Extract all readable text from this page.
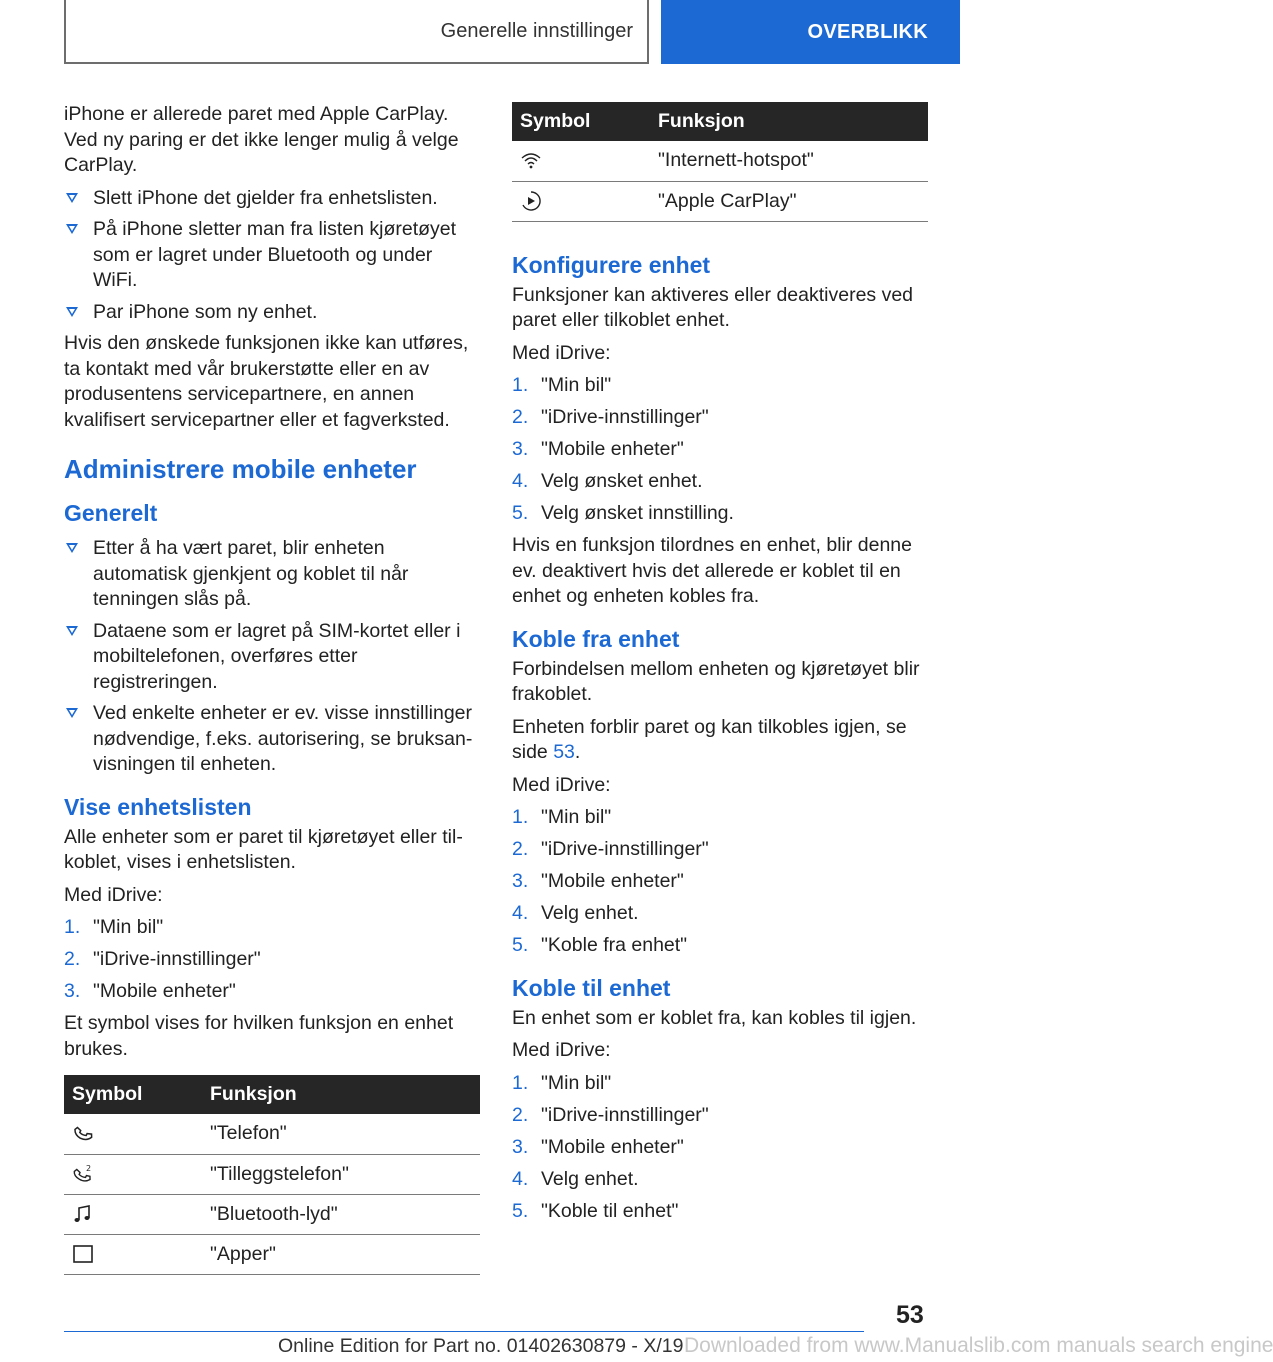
Generelle innstillinger	OVERBLIKK

iPhone er allerede paret med Apple CarPlay. Ved ny paring er det ikke lenger mulig å velge CarPlay.

Slett iPhone det gjelder fra enhetslisten.
På iPhone sletter man fra listen kjøretøyet som er lagret under Bluetooth og under WiFi.
Par iPhone som ny enhet.

Hvis den ønskede funksjonen ikke kan utføres, ta kontakt med vår brukerstøtte eller en av produsentens servicepartnere, en annen kvalifisert servicepartner eller et fagverksted.

Administrere mobile enheter
Generelt
Etter å ha vært paret, blir enheten automatisk gjenkjent og koblet til når tenningen slås på.
Dataene som er lagret på SIM-kortet eller i mobiltelefonen, overføres etter registreringen.
Ved enkelte enheter er ev. visse innstillinger nødvendige, f.eks. autorisering, se bruksanvisningen til enheten.
Vise enhetslisten

Alle enheter som er paret til kjøretøyet eller tilkoblet, vises i enhetslisten.

Med iDrive:

1. "Min bil"
2. "iDrive-innstillinger"
3. "Mobile enheter"

Et symbol vises for hvilken funksjon en enhet brukes.

Symbol	Funksjon

	"Telefon"

2	"Tilleggstelefon"

	"Bluetooth-lyd"

	"Apper"
Symbol	Funksjon

	"Internett-hotspot"

	"Apple CarPlay"
Konfigurere enhet

Funksjoner kan aktiveres eller deaktiveres ved paret eller tilkoblet enhet.

Med iDrive:

1. "Min bil"
2. "iDrive-innstillinger"
3. "Mobile enheter"
4. Velg ønsket enhet.
5. Velg ønsket innstilling.

Hvis en funksjon tilordnes en enhet, blir denne ev. deaktivert hvis det allerede er koblet til en enhet og enheten kobles fra.

Koble fra enhet

Forbindelsen mellom enheten og kjøretøyet blir frakoblet.

Enheten forblir paret og kan tilkobles igjen, se side 53.

Med iDrive:

1. "Min bil"
2. "iDrive-innstillinger"
3. "Mobile enheter"
4. Velg enhet.
5. "Koble fra enhet"
Koble til enhet

En enhet som er koblet fra, kan kobles til igjen.

Med iDrive:

1. "Min bil"
2. "iDrive-innstillinger"
3. "Mobile enheter"
4. Velg enhet.
5. "Koble til enhet"
53
Online Edition for Part no. 01402630879 - X/19 Downloaded from www.Manualslib.com manuals search engine
